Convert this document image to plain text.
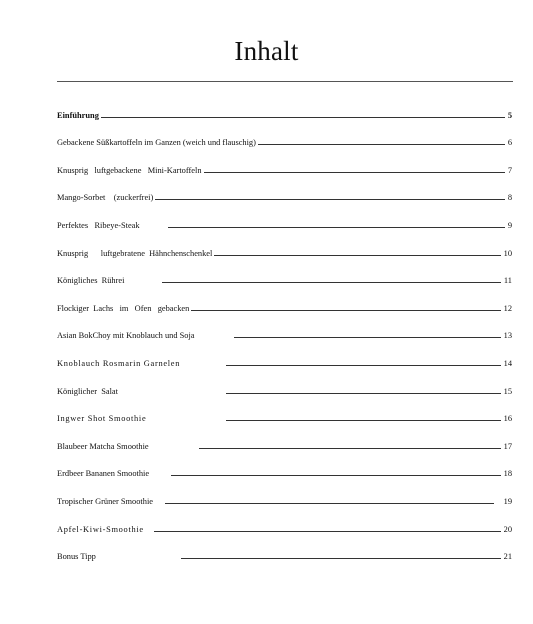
Inhalt
Einführung	5
Gebackene Süßkartoffeln im Ganzen (weich und flauschig)	6
Knusprig   luftgebackene   Mini-Kartoffeln	7
Mango-Sorbet    (zuckerfrei)	8
Perfektes   Ribeye-Steak	9
Knusprig      luftgebratene  Hähnchenschenkel	10
Königliches  Rührei	11
Flockiger  Lachs   im   Ofen   gebacken	12
Asian BokChoy mit Knoblauch und Soja	13
Knoblauch Rosmarin Garnelen	14
Königlicher  Salat	15
Ingwer Shot Smoothie	16
Blaubeer Matcha Smoothie	17
Erdbeer Bananen Smoothie	18
Tropischer Grüner Smoothie	19
Apfel-Kiwi-Smoothie	20
Bonus Tipp	21
